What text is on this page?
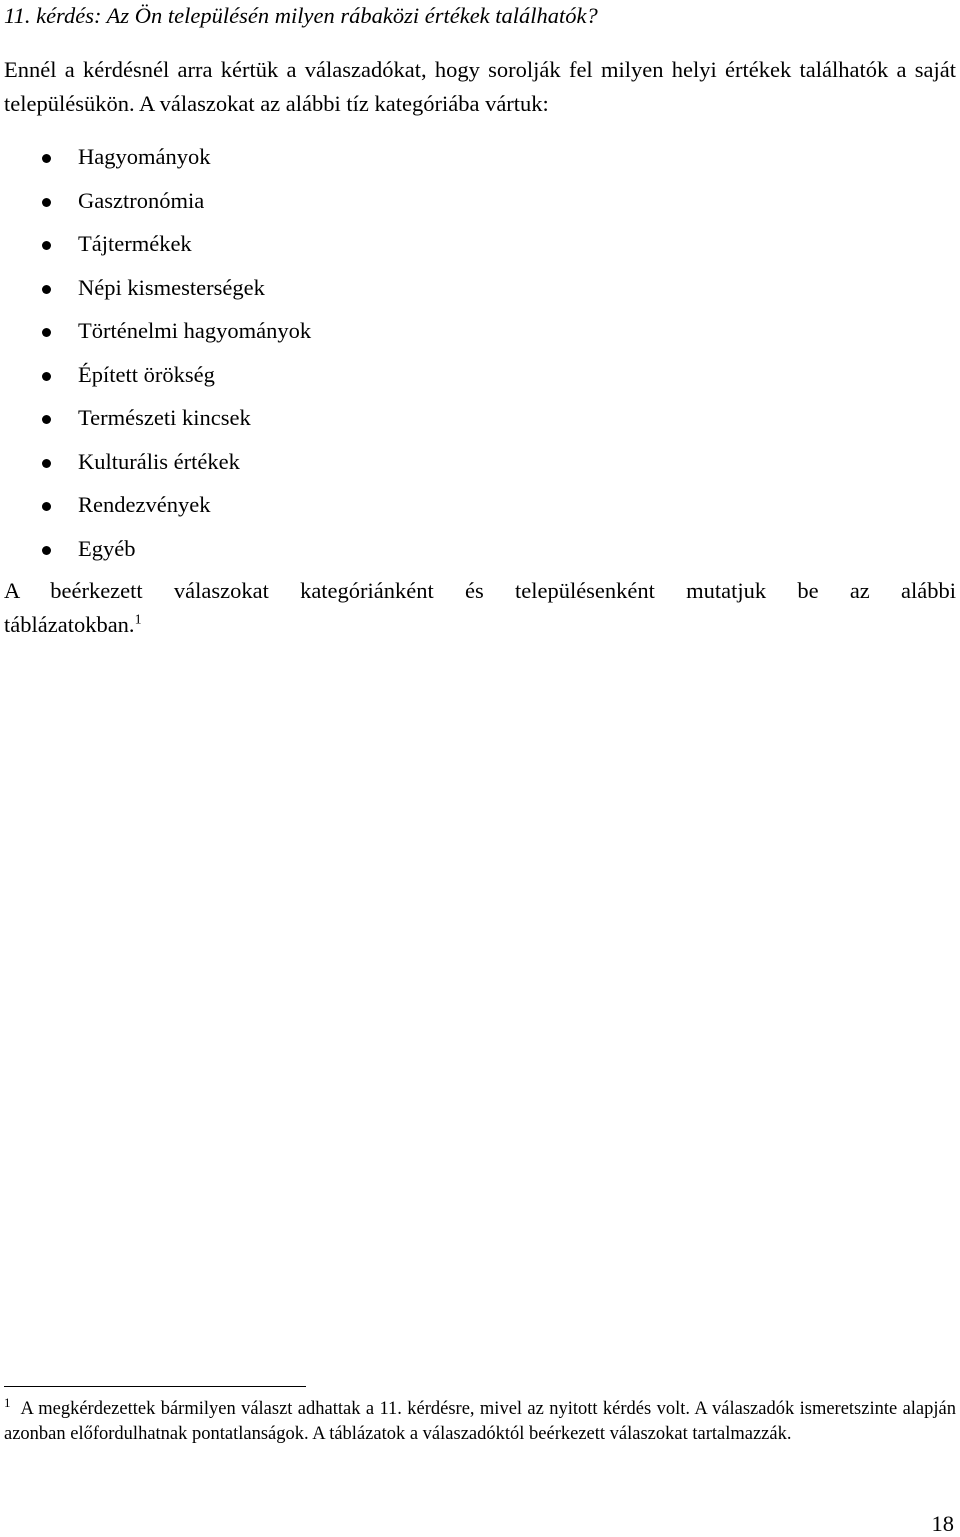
11. kérdés: Az Ön településén milyen rábaközi értékek találhatók?
Ennél a kérdésnél arra kértük a válaszadókat, hogy sorolják fel milyen helyi értékek találhatók a saját településükön. A válaszokat az alábbi tíz kategóriába vártuk:
Hagyományok
Gasztronómia
Tájtermékek
Népi kismesterségek
Történelmi hagyományok
Épített örökség
Természeti kincsek
Kulturális értékek
Rendezvények
Egyéb
A beérkezett válaszokat kategóriánként és településenként mutatjuk be az alábbi
táblázatokban.$^1$
$^1$ A megkérdezettek bármilyen választ adhattak a 11. kérdésre, mivel az nyitott kérdés volt. A válaszadók ismeretszinte alapján azonban előfordulhatnak pontatlanságok. A táblázatok a válaszadóktól beérkezett válaszokat tartalmazzák.
18
